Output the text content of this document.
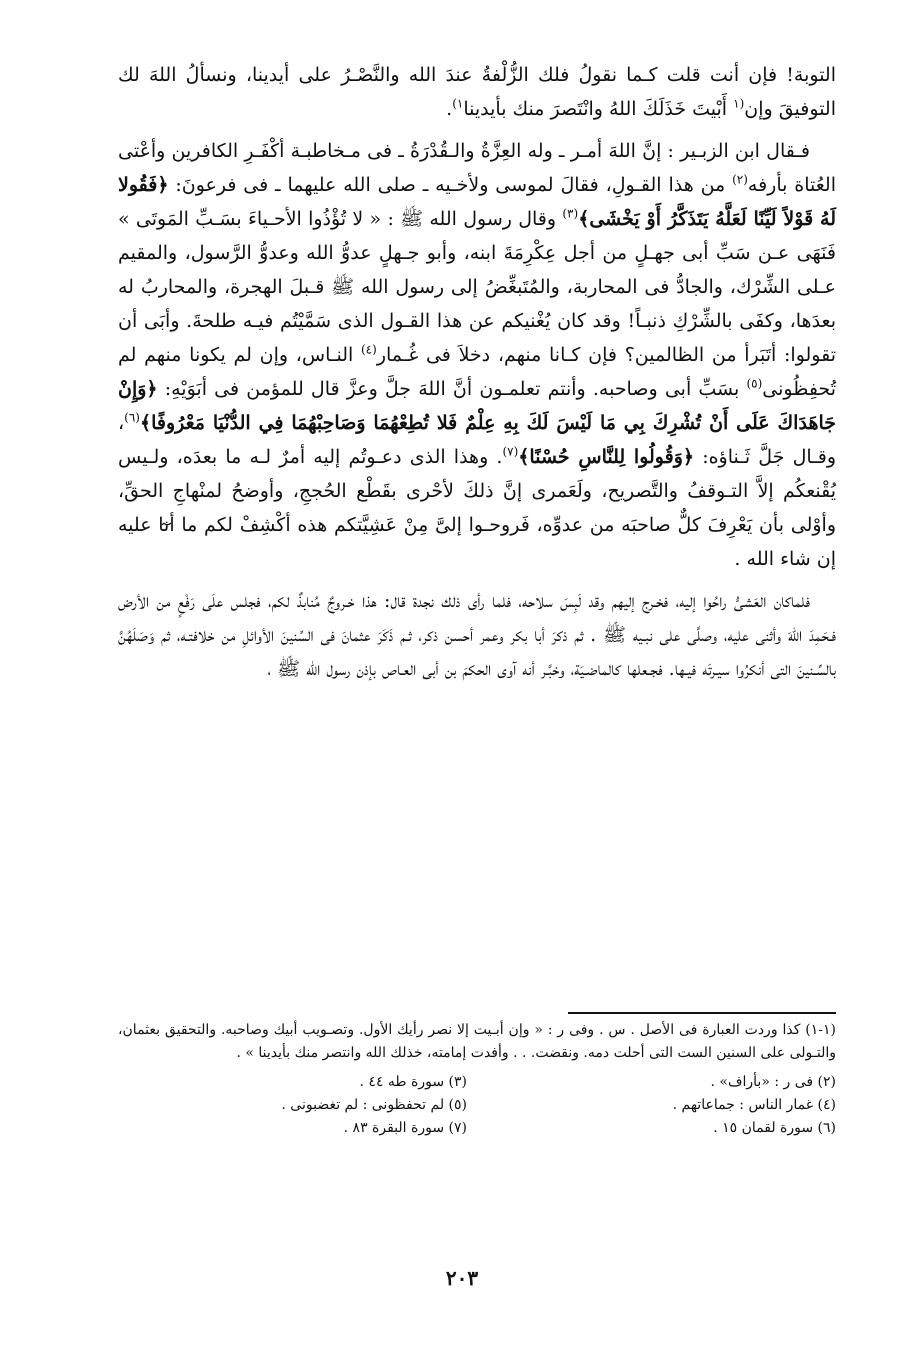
التوبة! فإن أنت قلت كـما نقولُ فلك الزُّلْفةُ عندَ الله والنَّصْـرُ على أيدينا، ونسألُ اللهَ لك التوفيقَ وإن$^{(١}$ أَبْيتَ خَذَلَكَ اللهُ وانْتَصرَ منك بأيدينا$^{١)}$.

فـقال ابن الزبـير : إنَّ اللهَ أمـر ـ وله العِزَّةُ والـقُدْرَةُ ـ فى مـخاطبـة أكْفَـرِ الكافرين وأعْتى العُتاة بأرفه$^{(٢)}$ من هذا القـولِ، فقالَ لموسى ولأخـيه ـ صلى الله عليهما ـ فى فرعونَ: ﴿فَقُولا لَهُ قَوْلاً لَيِّنًا لَعَلَّهُ يَتَذَكَّرُ أَوْ يَخْشَى﴾$^{(٣)}$ وقال رسول الله ﷺ : « لا تُؤْذُوا الأحـياءَ بسَـبِّ المَوتَى » فَنَهَى عـن سَبِّ أبى جهـلٍ من أجل عِكْرِمَةَ ابنه، وأبو جـهلٍ عدوُّ الله وعدوُّ الرَّسول، والمقيم عـلى الشِّرْك، والجادُّ فى المحاربة، والمُتَبغِّضُ إلى رسول الله ﷺ قـبلَ الهجرة، والمحاربُ له بعدَها، وكفَى بالشِّرْكِ ذنبـاً! وقد كان يُغْنيكم عن هذا القـول الذى سَمَّيْتُم فيـه طلحةَ. وأبَى أن تقولوا: أتَبَرأ من الظالمين؟ فإن كـانا منهم، دخلاَ فى غُـمار$^{(٤)}$ النـاس، وإن لم يكونا منهم لم تُحفِظُونى$^{(٥)}$ بسَبِّ أبى وصاحبه. وأنتم تعلمـون أنَّ اللهَ جلَّ وعزَّ قال للمؤمن فى أبَوَيْهِ: ﴿وَإِنْ جَاهَدَاكَ عَلَى أَنْ تُشْرِكَ بِي مَا لَيْسَ لَكَ بِهِ عِلْمٌ فَلا تُطِعْهُمَا وَصَاحِبْهُمَا فِي الدُّنْيَا مَعْرُوفًا﴾$^{(٦)}$، وقـال جَلَّ ثَـناؤه: ﴿وَقُولُوا لِلنَّاسِ حُسْنًا﴾$^{(٧)}$. وهذا الذى دعـوتُم إليه أمرٌ لـه ما بعدَه، ولـيس يُقْنعكُم إلاَّ التـوقفُ والتَّصريح، ولَعَمرى إنَّ ذلكَ لأحْرى بقَطْع الحُججِ، وأوضحُ لمنْهاجِ الحقِّ، وأوْلى بأن يَعْرِفَ كلٌّ صاحبَه من عدوِّه، فَروحـوا إلىَّ مِنْ عَشِيَّتكم هذه أكْشِفْ لكم ما أنا عليه إن شاء الله .

فلماكان العَشىُّ راحُوا إليه، فخـرج إليهم وقد لَبِسَ سلاحه، فلما رأى ذلك نجدة قال: هذا خـروجٌ مُنابذٌ لكم، فجلس علَى رَفْعٍ من الأرض فـحَمِدَ اللهَ وأثنى عليه، وصلَّى على نبـيه ﷺ . ثم ذكرَ أبا بكر وعمر أحسن ذكر، ثـم ذَكَرَ عثمانَ فى السِّنينَ الأوائلِ من خلافتـه، ثم وَصَلَهُنَّ بالسِّـنينَ التى أنكرُوا سيـرتَه فيـها. فجـعلها كالماضـيَة، وخبَّـر أنه آوى الحكمَ بن أبى العـاص بإذن رسول الله ﷺ ،

(١-١) كذا وردت العبارة فى الأصل . س . وفى ر : « وإن أبـيت إلا نصر رأيك الأول. وتصـويب أبيك وصاحبه. والتحقيق بعثمان، والتـولى على السنين الست التى أحلت دمه. ونقضت. . . وأفدت إمامته، خذلك الله وانتصر منك بأيدينا » .

(٢) فى ر : «بأراف» .
(٣) سورة طه ٤٤ .
(٤) غمار الناس : جماعاتهم .
(٥) لم تحفظونى : لم تغضبونى .
(٦) سورة لقمان ١٥ .
(٧) سورة البقرة ٨٣ .
٢٠٣
